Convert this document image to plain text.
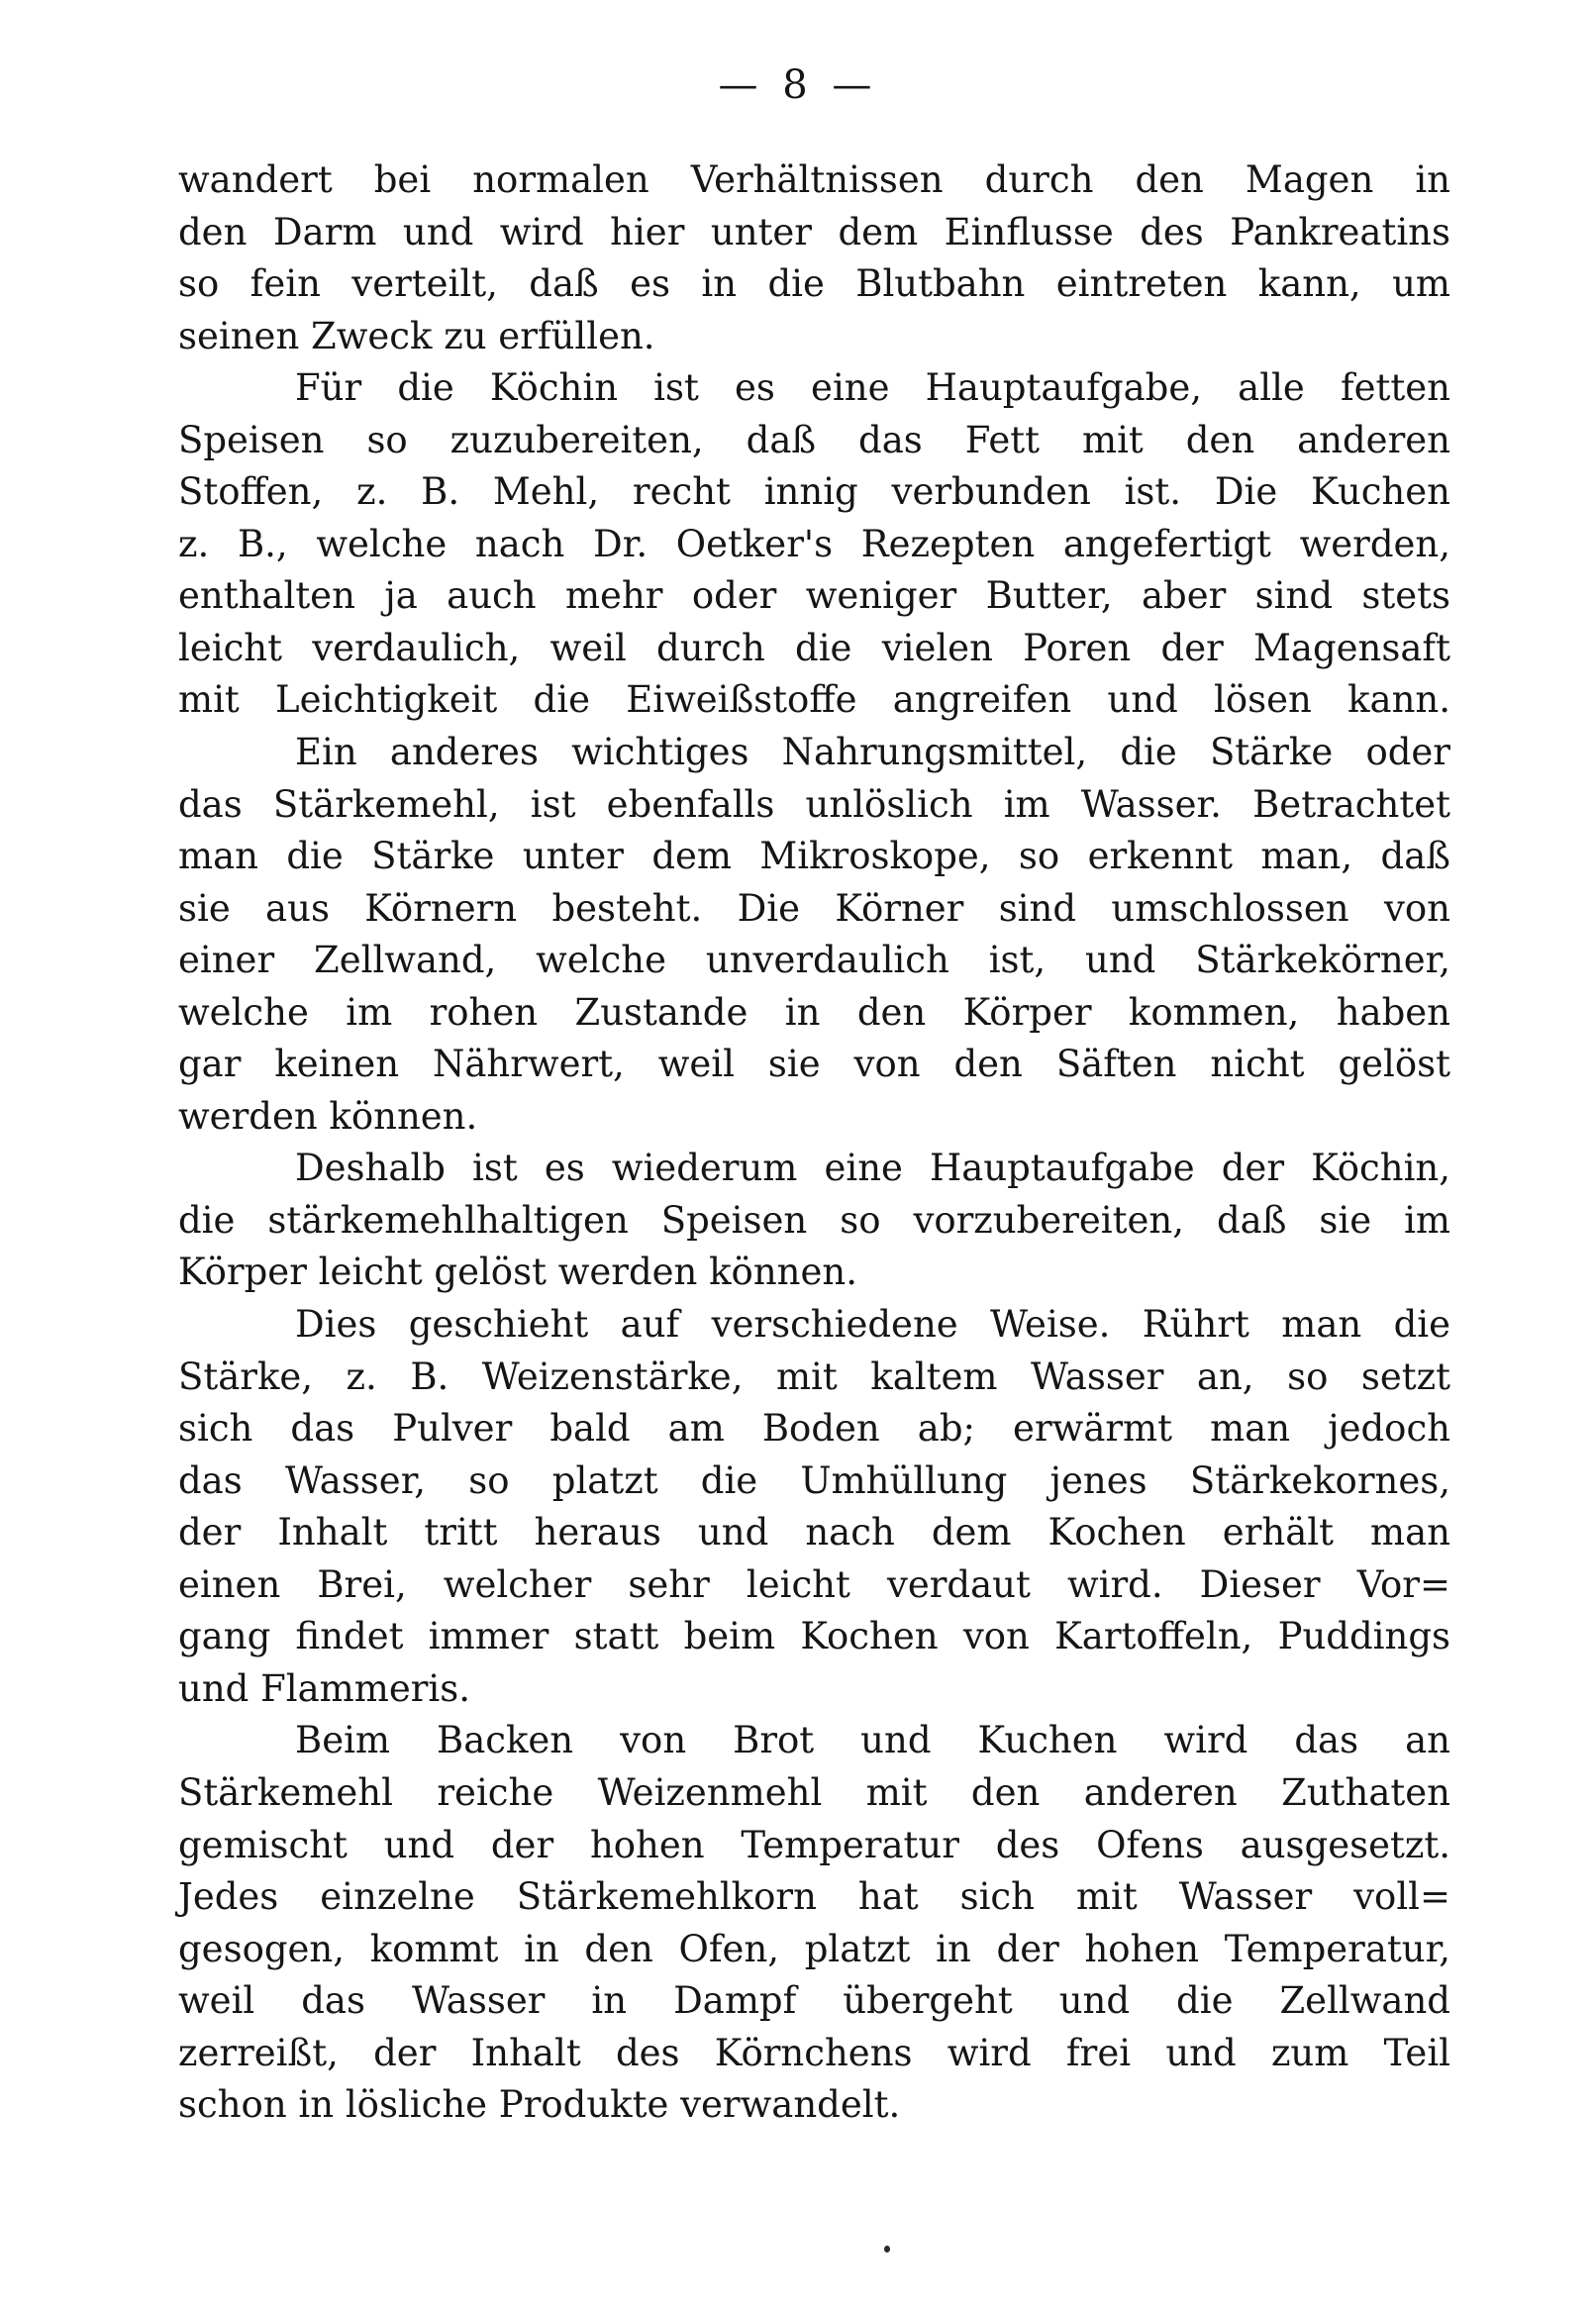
— 8 —
wandert bei normalen Verhältnissen durch den Magen in
den Darm und wird hier unter dem Einflusse des Pankreatins
so fein verteilt, daß es in die Blutbahn eintreten kann, um
seinen Zweck zu erfüllen.
Für die Köchin ist es eine Hauptaufgabe, alle fetten
Speisen so zuzubereiten, daß das Fett mit den anderen
Stoffen, z. B. Mehl, recht innig verbunden ist. Die Kuchen
z. B., welche nach Dr. Oetker's Rezepten angefertigt werden,
enthalten ja auch mehr oder weniger Butter, aber sind stets
leicht verdaulich, weil durch die vielen Poren der Magensaft
mit Leichtigkeit die Eiweißstoffe angreifen und lösen kann.
Ein anderes wichtiges Nahrungsmittel, die Stärke oder
das Stärkemehl, ist ebenfalls unlöslich im Wasser. Betrachtet
man die Stärke unter dem Mikroskope, so erkennt man, daß
sie aus Körnern besteht. Die Körner sind umschlossen von
einer Zellwand, welche unverdaulich ist, und Stärkekörner,
welche im rohen Zustande in den Körper kommen, haben
gar keinen Nährwert, weil sie von den Säften nicht gelöst
werden können.
Deshalb ist es wiederum eine Hauptaufgabe der Köchin,
die stärkemehlhaltigen Speisen so vorzubereiten, daß sie im
Körper leicht gelöst werden können.
Dies geschieht auf verschiedene Weise. Rührt man die
Stärke, z. B. Weizenstärke, mit kaltem Wasser an, so setzt
sich das Pulver bald am Boden ab; erwärmt man jedoch
das Wasser, so platzt die Umhüllung jenes Stärkekornes,
der Inhalt tritt heraus und nach dem Kochen erhält man
einen Brei, welcher sehr leicht verdaut wird. Dieser Vor=
gang findet immer statt beim Kochen von Kartoffeln, Puddings
und Flammeris.
Beim Backen von Brot und Kuchen wird das an
Stärkemehl reiche Weizenmehl mit den anderen Zuthaten
gemischt und der hohen Temperatur des Ofens ausgesetzt.
Jedes einzelne Stärkemehlkorn hat sich mit Wasser voll=
gesogen, kommt in den Ofen, platzt in der hohen Temperatur,
weil das Wasser in Dampf übergeht und die Zellwand
zerreißt, der Inhalt des Körnchens wird frei und zum Teil
schon in lösliche Produkte verwandelt.
